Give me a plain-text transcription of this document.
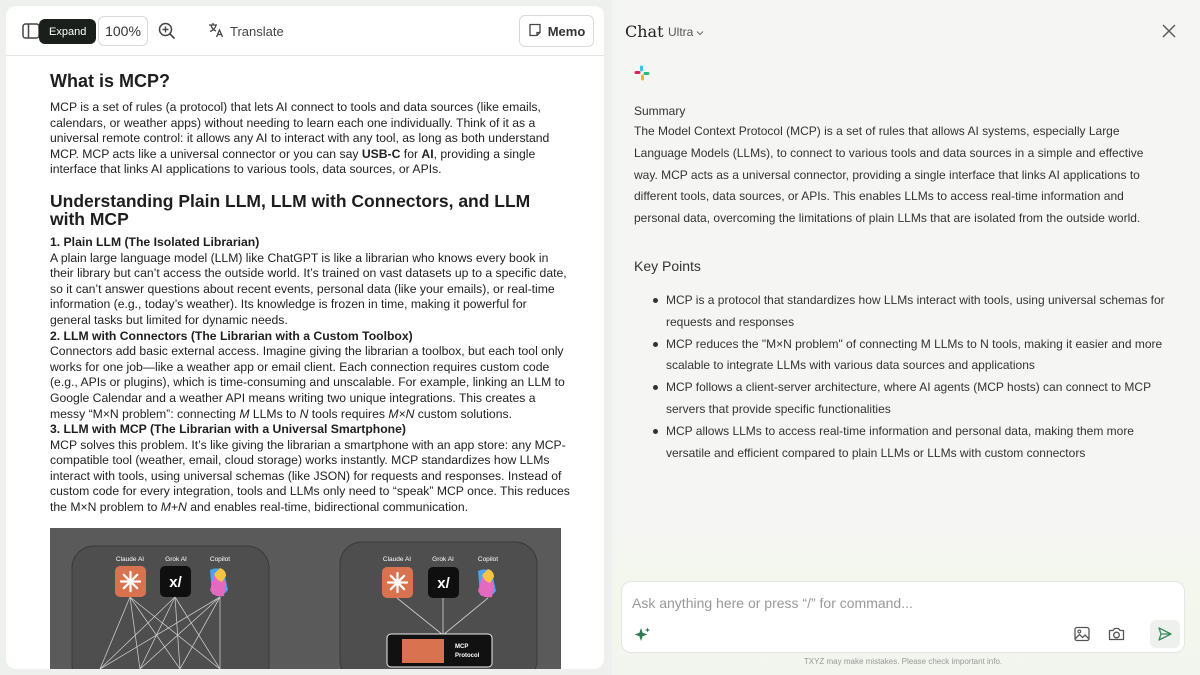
Expand	100%	Translate	Memo
What is MCP?

MCP is a set of rules (a protocol) that lets AI connect to tools and data sources (like emails, calendars, or weather apps) without needing to learn each one individually. Think of it as a universal remote control: it allows any AI to interact with any tool, as long as both understand MCP. MCP acts like a universal connector or you can say USB-C for AI, providing a single interface that links AI applications to various tools, data sources, or APIs.

Understanding Plain LLM, LLM with Connectors, and LLM with MCP
1. Plain LLM (The Isolated Librarian)

A plain large language model (LLM) like ChatGPT is like a librarian who knows every book in their library but can’t access the outside world. It’s trained on vast datasets up to a specific date, so it can’t answer questions about recent events, personal data (like your emails), or real-time information (e.g., today’s weather). Its knowledge is frozen in time, making it powerful for general tasks but limited for dynamic needs.

2. LLM with Connectors (The Librarian with a Custom Toolbox)

Connectors add basic external access. Imagine giving the librarian a toolbox, but each tool only works for one job—like a weather app or email client. Each connection requires custom code (e.g., APIs or plugins), which is time-consuming and unscalable. For example, linking an LLM to Google Calendar and a weather API means writing two unique integrations. This creates a messy “M×N problem”: connecting M LLMs to N tools requires M×N custom solutions.

3. LLM with MCP (The Librarian with a Universal Smartphone)

MCP solves this problem. It’s like giving the librarian a smartphone with an app store: any MCP-compatible tool (weather, email, cloud storage) works instantly. MCP standardizes how LLMs interact with tools, using universal schemas (like JSON) for requests and responses. Instead of custom code for every integration, tools and LLMs only need to “speak” MCP once. This reduces the M×N problem to M+N and enables real-time, bidirectional communication.

Claude AI	Grok AI	Copilot
x/
Claude AI	Grok AI	Copilot
x/
MCP
Protocol
Chat Ultra
Summary
The Model Context Protocol (MCP) is a set of rules that allows AI systems, especially Large Language Models (LLMs), to connect to various tools and data sources in a simple and effective way. MCP acts as a universal connector, providing a single interface that links AI applications to different tools, data sources, or APIs. This enables LLMs to access real-time information and personal data, overcoming the limitations of plain LLMs that are isolated from the outside world.
Key Points
MCP is a protocol that standardizes how LLMs interact with tools, using universal schemas for requests and responses
MCP reduces the "M×N problem" of connecting M LLMs to N tools, making it easier and more scalable to integrate LLMs with various data sources and applications
MCP follows a client-server architecture, where AI agents (MCP hosts) can connect to MCP servers that provide specific functionalities
MCP allows LLMs to access real-time information and personal data, making them more versatile and efficient compared to plain LLMs or LLMs with custom connectors
Ask anything here or press “/” for command...
TXYZ may make mistakes. Please check important info.
